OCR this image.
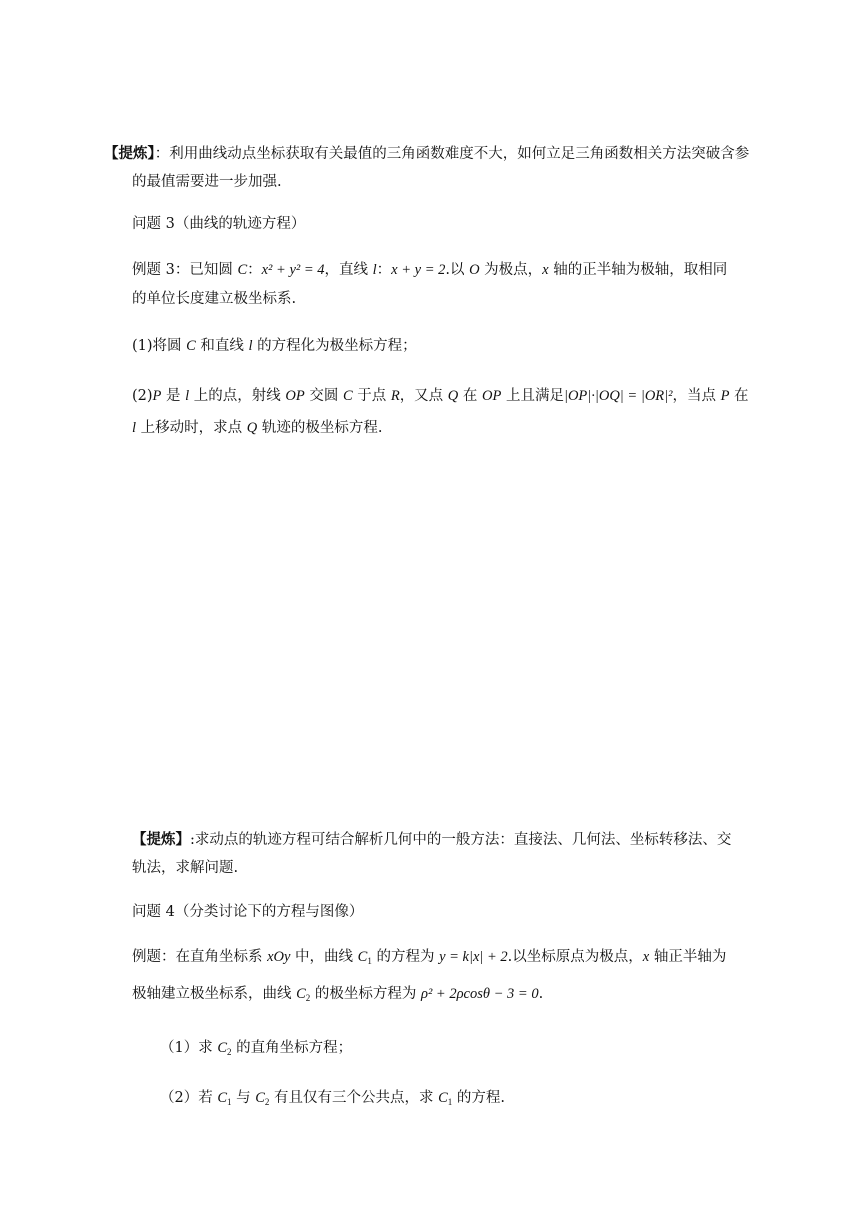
【提炼】：利用曲线动点坐标获取有关最值的三角函数难度不大，如何立足三角函数相关方法突破含参
的最值需要进一步加强.
问题 3（曲线的轨迹方程）
例题 3：已知圆 C：x² + y² = 4，直线 l：x + y = 2.以 O 为极点，x 轴的正半轴为极轴，取相同
的单位长度建立极坐标系.
(1)将圆 C 和直线 l 的方程化为极坐标方程；
(2)P 是 l 上的点，射线 OP 交圆 C 于点 R，又点 Q 在 OP 上且满足|OP|·|OQ| = |OR|²，当点 P 在
l 上移动时，求点 Q 轨迹的极坐标方程.
【提炼】:求动点的轨迹方程可结合解析几何中的一般方法：直接法、几何法、坐标转移法、交
轨法，求解问题.
问题 4（分类讨论下的方程与图像）
例题：在直角坐标系 xOy 中，曲线 $C_1$ 的方程为 y = k|x| + 2.以坐标原点为极点，x 轴正半轴为
极轴建立极坐标系，曲线 $C_2$ 的极坐标方程为 ρ² + 2ρcosθ − 3 = 0.
（1）求 $C_2$ 的直角坐标方程；
（2）若 $C_1$ 与 $C_2$ 有且仅有三个公共点，求 $C_1$ 的方程.
